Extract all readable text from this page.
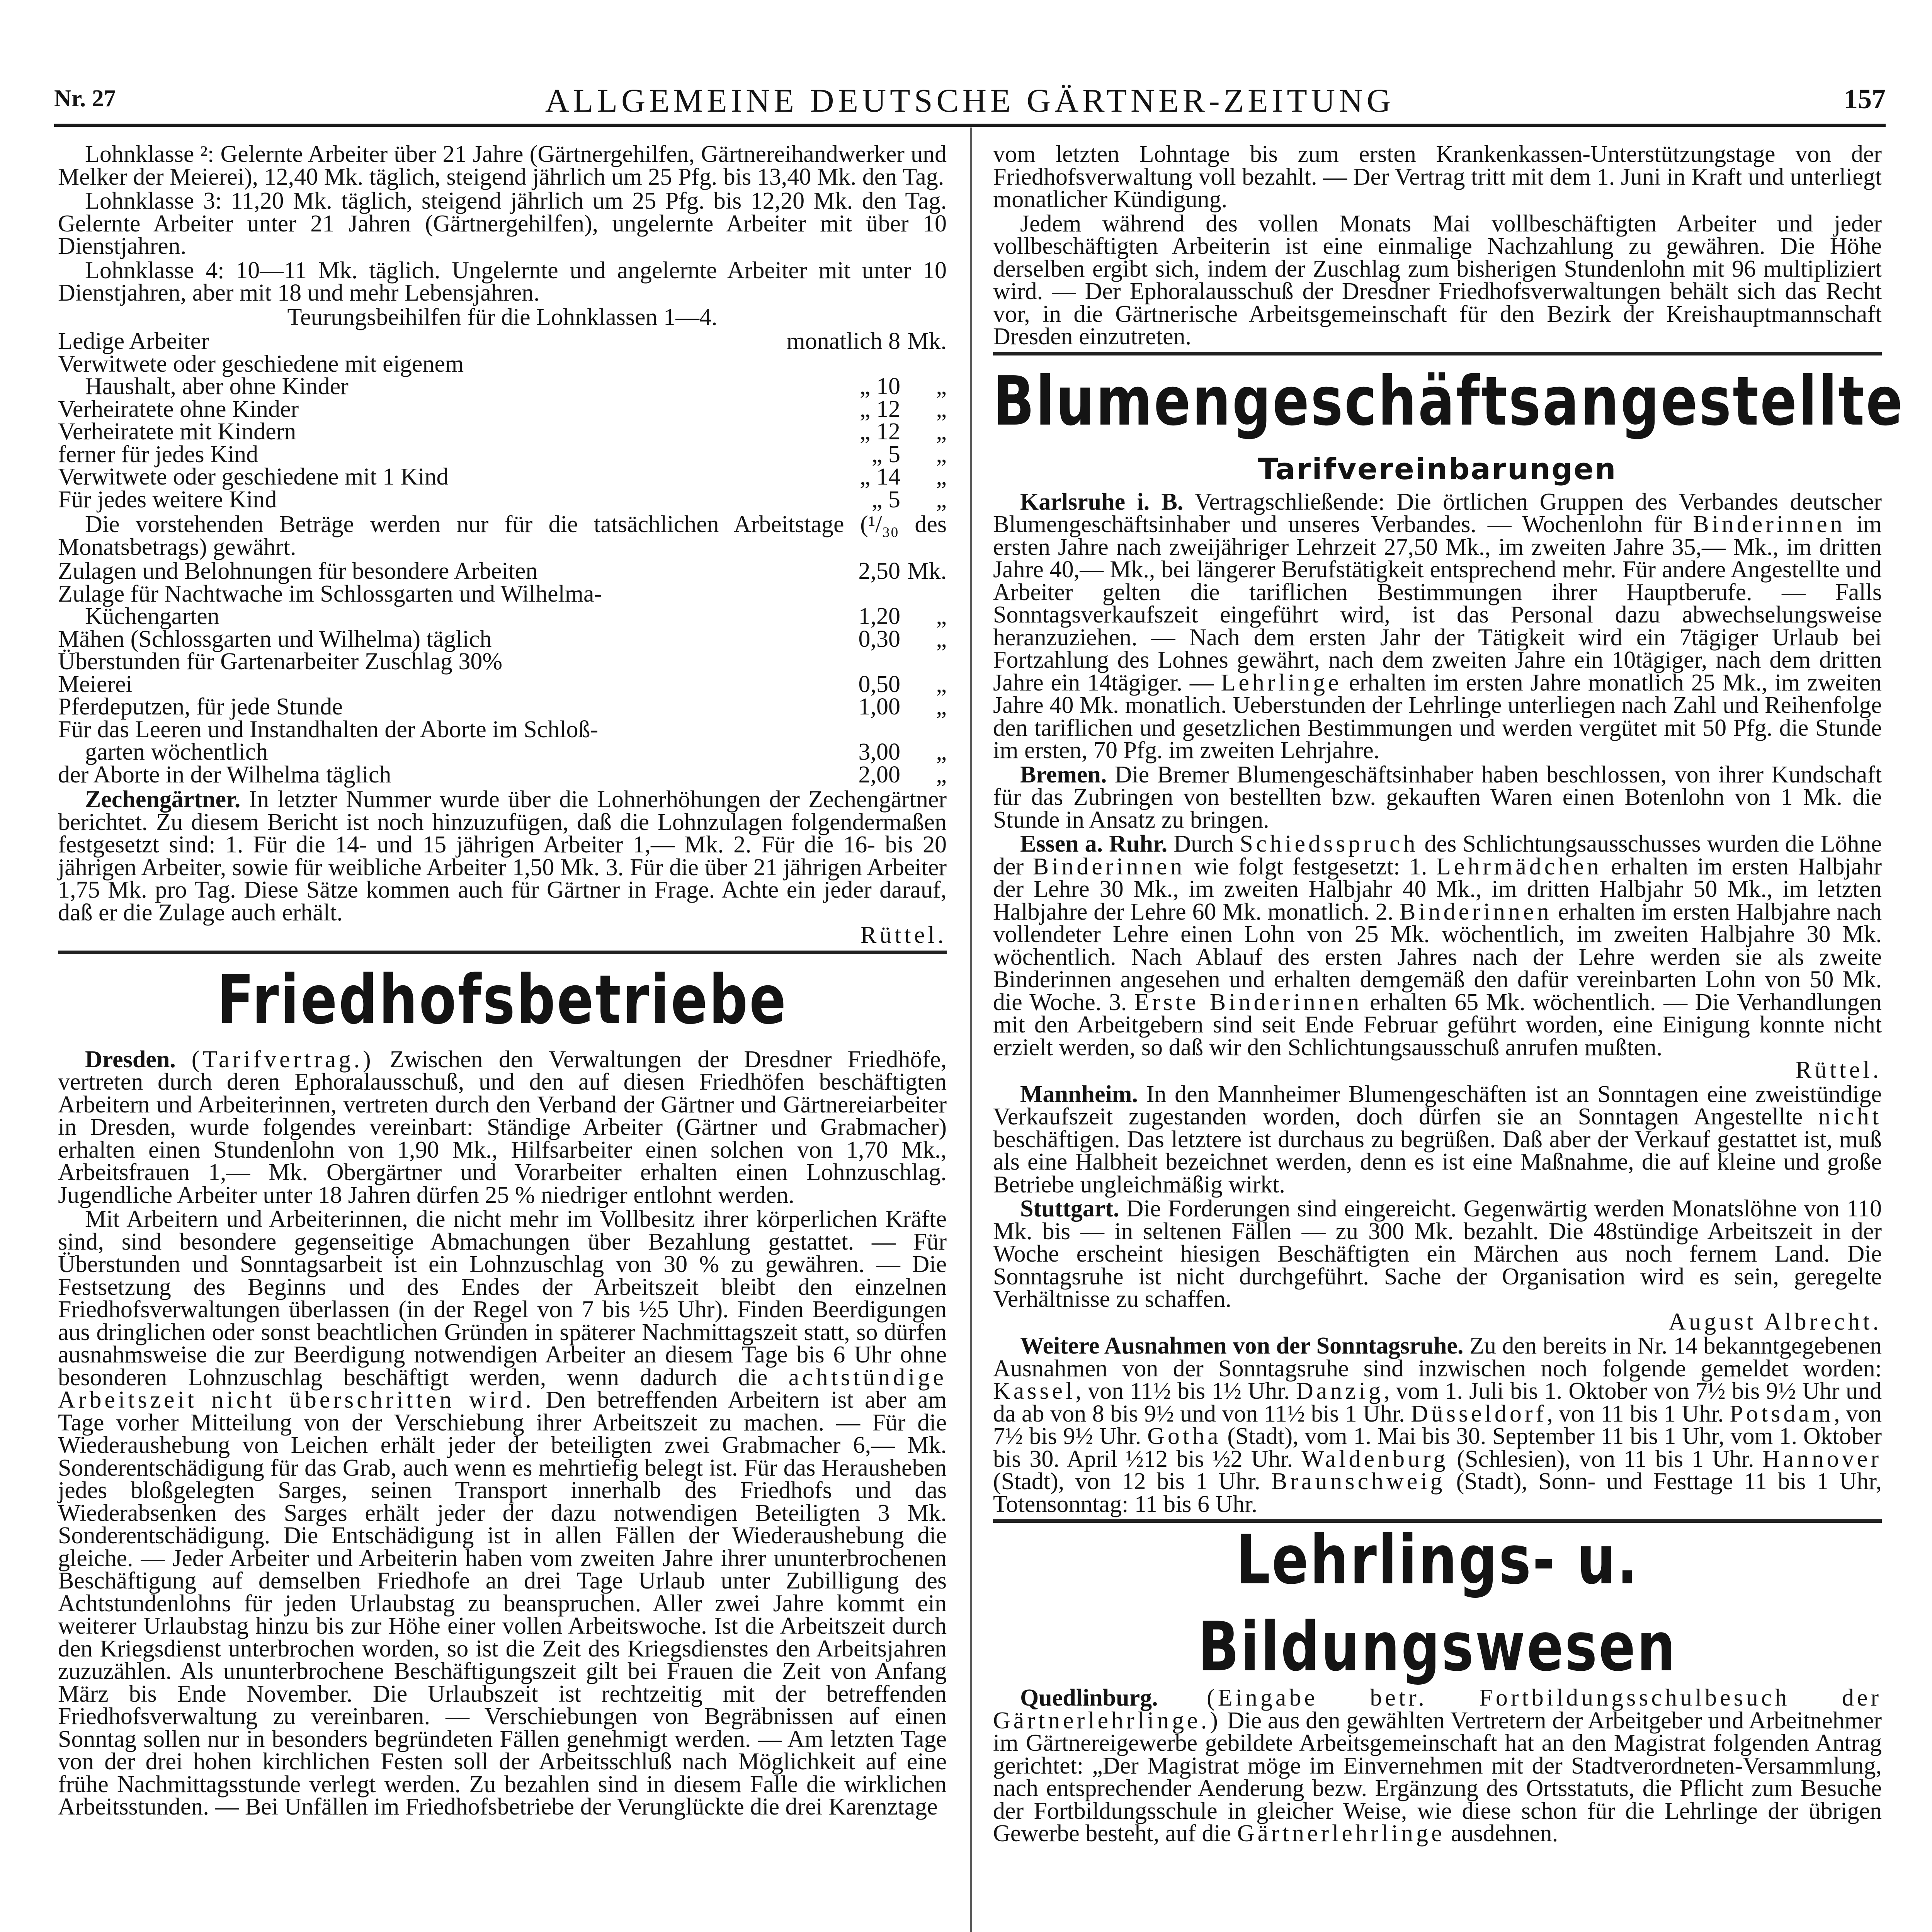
Nr. 27	ALLGEMEINE DEUTSCHE GÄRTNER-ZEITUNG	157

Lohnklasse ²: Gelernte Arbeiter über 21 Jahre (Gärtnergehilfen, Gärtnereihandwerker und Melker der Meierei), 12,40 Mk. täglich, steigend jährlich um 25 Pfg. bis 13,40 Mk. den Tag.

Lohnklasse 3: 11,20 Mk. täglich, steigend jährlich um 25 Pfg. bis 12,20 Mk. den Tag. Gelernte Arbeiter unter 21 Jahren (Gärtnergehilfen), ungelernte Arbeiter mit über 10 Dienstjahren.

Lohnklasse 4: 10—11 Mk. täglich. Ungelernte und angelernte Arbeiter mit unter 10 Dienstjahren, aber mit 18 und mehr Lebensjahren.

Teurungsbeihilfen für die Lohnklassen 1—4.

Ledige Arbeiter	monatlich 8	Mk.
Verwitwete oder geschiedene mit eigenem		
Haushalt, aber ohne Kinder	„ 10	„
Verheiratete ohne Kinder	„ 12	„
Verheiratete mit Kindern	„ 12	„
ferner für jedes Kind	„ 5	„
Verwitwete oder geschiedene mit 1 Kind	„ 14	„
Für jedes weitere Kind	„ 5	„

Die vorstehenden Beträge werden nur für die tatsächlichen Arbeitstage (¹/₃₀ des Monatsbetrags) gewährt.

Zulagen und Belohnungen für besondere Arbeiten	2,50	Mk.
Zulage für Nachtwache im Schlossgarten und Wilhelma-		
Küchengarten	1,20	„
Mähen (Schlossgarten und Wilhelma) täglich	0,30	„
Überstunden für Gartenarbeiter Zuschlag 30%		
Meierei	0,50	„
Pferdeputzen, für jede Stunde	1,00	„
Für das Leeren und Instandhalten der Aborte im Schloß-		
garten wöchentlich	3,00	„
der Aborte in der Wilhelma täglich	2,00	„

Zechengärtner. In letzter Nummer wurde über die Lohnerhöhungen der Zechengärtner berichtet. Zu diesem Bericht ist noch hinzuzufügen, daß die Lohnzulagen folgendermaßen festgesetzt sind: 1. Für die 14- und 15 jährigen Arbeiter 1,— Mk. 2. Für die 16- bis 20 jährigen Arbeiter, sowie für weibliche Arbeiter 1,50 Mk. 3. Für die über 21 jährigen Arbeiter 1,75 Mk. pro Tag. Diese Sätze kommen auch für Gärtner in Frage. Achte ein jeder darauf, daß er die Zulage auch erhält.
Rüttel.

Friedhofsbetriebe

Dresden. (Tarifvertrag.) Zwischen den Verwaltungen der Dresdner Friedhöfe, vertreten durch deren Ephoralausschuß, und den auf diesen Friedhöfen beschäftigten Arbeitern und Arbeiterinnen, vertreten durch den Verband der Gärtner und Gärtnereiarbeiter in Dresden, wurde folgendes vereinbart: Ständige Arbeiter (Gärtner und Grabmacher) erhalten einen Stundenlohn von 1,90 Mk., Hilfsarbeiter einen solchen von 1,70 Mk., Arbeitsfrauen 1,— Mk. Obergärtner und Vorarbeiter erhalten einen Lohnzuschlag. Jugendliche Arbeiter unter 18 Jahren dürfen 25 % niedriger entlohnt werden.

Mit Arbeitern und Arbeiterinnen, die nicht mehr im Vollbesitz ihrer körperlichen Kräfte sind, sind besondere gegenseitige Abmachungen über Bezahlung gestattet. — Für Überstunden und Sonntagsarbeit ist ein Lohnzuschlag von 30 % zu gewähren. — Die Festsetzung des Beginns und des Endes der Arbeitszeit bleibt den einzelnen Friedhofsverwaltungen überlassen (in der Regel von 7 bis ½5 Uhr). Finden Beerdigungen aus dringlichen oder sonst beachtlichen Gründen in späterer Nachmittagszeit statt, so dürfen ausnahmsweise die zur Beerdigung notwendigen Arbeiter an diesem Tage bis 6 Uhr ohne besonderen Lohnzuschlag beschäftigt werden, wenn dadurch die achtstündige Arbeitszeit nicht überschritten wird. Den betreffenden Arbeitern ist aber am Tage vorher Mitteilung von der Verschiebung ihrer Arbeitszeit zu machen. — Für die Wiederaushebung von Leichen erhält jeder der beteiligten zwei Grabmacher 6,— Mk. Sonderentschädigung für das Grab, auch wenn es mehrtiefig belegt ist. Für das Herausheben jedes bloßgelegten Sarges, seinen Transport innerhalb des Friedhofs und das Wiederabsenken des Sarges erhält jeder der dazu notwendigen Beteiligten 3 Mk. Sonderentschädigung. Die Entschädigung ist in allen Fällen der Wiederaushebung die gleiche. — Jeder Arbeiter und Arbeiterin haben vom zweiten Jahre ihrer ununterbrochenen Beschäftigung auf demselben Friedhofe an drei Tage Urlaub unter Zubilligung des Achtstundenlohns für jeden Urlaubstag zu beanspruchen. Aller zwei Jahre kommt ein weiterer Urlaubstag hinzu bis zur Höhe einer vollen Arbeitswoche. Ist die Arbeitszeit durch den Kriegsdienst unterbrochen worden, so ist die Zeit des Kriegsdienstes den Arbeitsjahren zuzuzählen. Als ununterbrochene Beschäftigungszeit gilt bei Frauen die Zeit von Anfang März bis Ende November. Die Urlaubszeit ist rechtzeitig mit der betreffenden Friedhofsverwaltung zu vereinbaren. — Verschiebungen von Begräbnissen auf einen Sonntag sollen nur in besonders begründeten Fällen genehmigt werden. — Am letzten Tage von der drei hohen kirchlichen Festen soll der Arbeitsschluß nach Möglichkeit auf eine frühe Nachmittagsstunde verlegt werden. Zu bezahlen sind in diesem Falle die wirklichen Arbeitsstunden. — Bei Unfällen im Friedhofsbetriebe der Verunglückte die drei Karenztage

vom letzten Lohntage bis zum ersten Krankenkassen-Unterstützungstage von der Friedhofsverwaltung voll bezahlt. — Der Vertrag tritt mit dem 1. Juni in Kraft und unterliegt monatlicher Kündigung.

Jedem während des vollen Monats Mai vollbeschäftigten Arbeiter und jeder vollbeschäftigten Arbeiterin ist eine einmalige Nachzahlung zu gewähren. Die Höhe derselben ergibt sich, indem der Zuschlag zum bisherigen Stundenlohn mit 96 multipliziert wird. — Der Ephoralausschuß der Dresdner Friedhofsverwaltungen behält sich das Recht vor, in die Gärtnerische Arbeitsgemeinschaft für den Bezirk der Kreishauptmannschaft Dresden einzutreten.

Blumengeschäftsangestellte
Tarifvereinbarungen

Karlsruhe i. B. Vertragschließende: Die örtlichen Gruppen des Verbandes deutscher Blumengeschäftsinhaber und unseres Verbandes. — Wochenlohn für Binderinnen im ersten Jahre nach zweijähriger Lehrzeit 27,50 Mk., im zweiten Jahre 35,— Mk., im dritten Jahre 40,— Mk., bei längerer Berufstätigkeit entsprechend mehr. Für andere Angestellte und Arbeiter gelten die tariflichen Bestimmungen ihrer Hauptberufe. — Falls Sonntagsverkaufszeit eingeführt wird, ist das Personal dazu abwechselungsweise heranzuziehen. — Nach dem ersten Jahr der Tätigkeit wird ein 7tägiger Urlaub bei Fortzahlung des Lohnes gewährt, nach dem zweiten Jahre ein 10tägiger, nach dem dritten Jahre ein 14tägiger. — Lehrlinge erhalten im ersten Jahre monatlich 25 Mk., im zweiten Jahre 40 Mk. monatlich. Ueberstunden der Lehrlinge unterliegen nach Zahl und Reihenfolge den tariflichen und gesetzlichen Bestimmungen und werden vergütet mit 50 Pfg. die Stunde im ersten, 70 Pfg. im zweiten Lehrjahre.

Bremen. Die Bremer Blumengeschäftsinhaber haben beschlossen, von ihrer Kundschaft für das Zubringen von bestellten bzw. gekauften Waren einen Botenlohn von 1 Mk. die Stunde in Ansatz zu bringen.

Essen a. Ruhr. Durch Schiedsspruch des Schlichtungsausschusses wurden die Löhne der Binderinnen wie folgt festgesetzt: 1. Lehrmädchen erhalten im ersten Halbjahr der Lehre 30 Mk., im zweiten Halbjahr 40 Mk., im dritten Halbjahr 50 Mk., im letzten Halbjahre der Lehre 60 Mk. monatlich. 2. Binderinnen erhalten im ersten Halbjahre nach vollendeter Lehre einen Lohn von 25 Mk. wöchentlich, im zweiten Halbjahre 30 Mk. wöchentlich. Nach Ablauf des ersten Jahres nach der Lehre werden sie als zweite Binderinnen angesehen und erhalten demgemäß den dafür vereinbarten Lohn von 50 Mk. die Woche. 3. Erste Binderinnen erhalten 65 Mk. wöchentlich. — Die Verhandlungen mit den Arbeitgebern sind seit Ende Februar geführt worden, eine Einigung konnte nicht erzielt werden, so daß wir den Schlichtungsausschuß anrufen mußten.
Rüttel.

Mannheim. In den Mannheimer Blumengeschäften ist an Sonntagen eine zweistündige Verkaufszeit zugestanden worden, doch dürfen sie an Sonntagen Angestellte nicht beschäftigen. Das letztere ist durchaus zu begrüßen. Daß aber der Verkauf gestattet ist, muß als eine Halbheit bezeichnet werden, denn es ist eine Maßnahme, die auf kleine und große Betriebe ungleichmäßig wirkt.

Stuttgart. Die Forderungen sind eingereicht. Gegenwärtig werden Monatslöhne von 110 Mk. bis — in seltenen Fällen — zu 300 Mk. bezahlt. Die 48stündige Arbeitszeit in der Woche erscheint hiesigen Beschäftigten ein Märchen aus noch fernem Land. Die Sonntagsruhe ist nicht durchgeführt. Sache der Organisation wird es sein, geregelte Verhältnisse zu schaffen.
August Albrecht.

Weitere Ausnahmen von der Sonntagsruhe. Zu den bereits in Nr. 14 bekanntgegebenen Ausnahmen von der Sonntagsruhe sind inzwischen noch folgende gemeldet worden: Kassel, von 11½ bis 1½ Uhr. Danzig, vom 1. Juli bis 1. Oktober von 7½ bis 9½ Uhr und da ab von 8 bis 9½ und von 11½ bis 1 Uhr. Düsseldorf, von 11 bis 1 Uhr. Potsdam, von 7½ bis 9½ Uhr. Gotha (Stadt), vom 1. Mai bis 30. September 11 bis 1 Uhr, vom 1. Oktober bis 30. April ½12 bis ½2 Uhr. Waldenburg (Schlesien), von 11 bis 1 Uhr. Hannover (Stadt), von 12 bis 1 Uhr. Braunschweig (Stadt), Sonn- und Festtage 11 bis 1 Uhr, Totensonntag: 11 bis 6 Uhr.

Lehrlings- u. Bildungswesen

Quedlinburg. (Eingabe betr. Fortbildungsschulbesuch der Gärtnerlehrlinge.) Die aus den gewählten Vertretern der Arbeitgeber und Arbeitnehmer im Gärtnereigewerbe gebildete Arbeitsgemeinschaft hat an den Magistrat folgenden Antrag gerichtet: „Der Magistrat möge im Einvernehmen mit der Stadtverordneten-Versammlung, nach entsprechender Aenderung bezw. Ergänzung des Ortsstatuts, die Pflicht zum Besuche der Fortbildungsschule in gleicher Weise, wie diese schon für die Lehrlinge der übrigen Gewerbe besteht, auf die Gärtnerlehrlinge ausdehnen.
